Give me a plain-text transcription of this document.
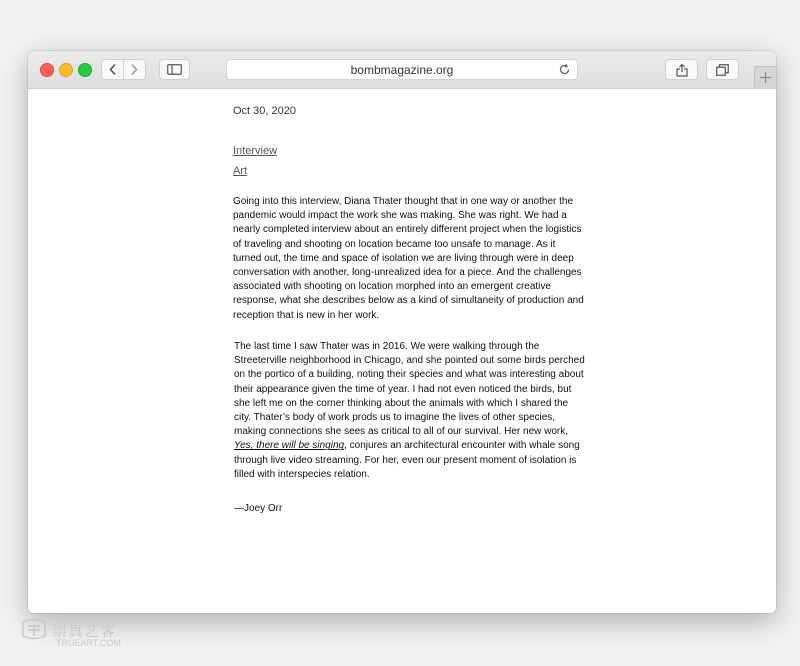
bombmagazine.org
Oct 30, 2020
Interview
Art

Going into this interview, Diana Thater thought that in one way or another the pandemic would impact the work she was making. She was right. We had a nearly completed interview about an entirely different project when the logistics of traveling and shooting on location became too unsafe to manage. As it turned out, the time and space of isolation we are living through were in deep conversation with another, long-unrealized idea for a piece. And the challenges associated with shooting on location morphed into an emergent creative response, what she describes below as a kind of simultaneity of production and reception that is new in her work.

The last time I saw Thater was in 2016. We were walking through the Streeterville neighborhood in Chicago, and she pointed out some birds perched on the portico of a building, noting their species and what was interesting about their appearance given the time of year. I had not even noticed the birds, but she left me on the corner thinking about the animals with which I shared the city. Thater’s body of work prods us to imagine the lives of other species, making connections she sees as critical to all of our survival. Her new work, Yes, there will be singing, conjures an architectural encounter with whale song through live video streaming. For her, even our present moment of isolation is filled with interspecies relation.

—Joey Orr
崇真艺客
TRUEART.COM
